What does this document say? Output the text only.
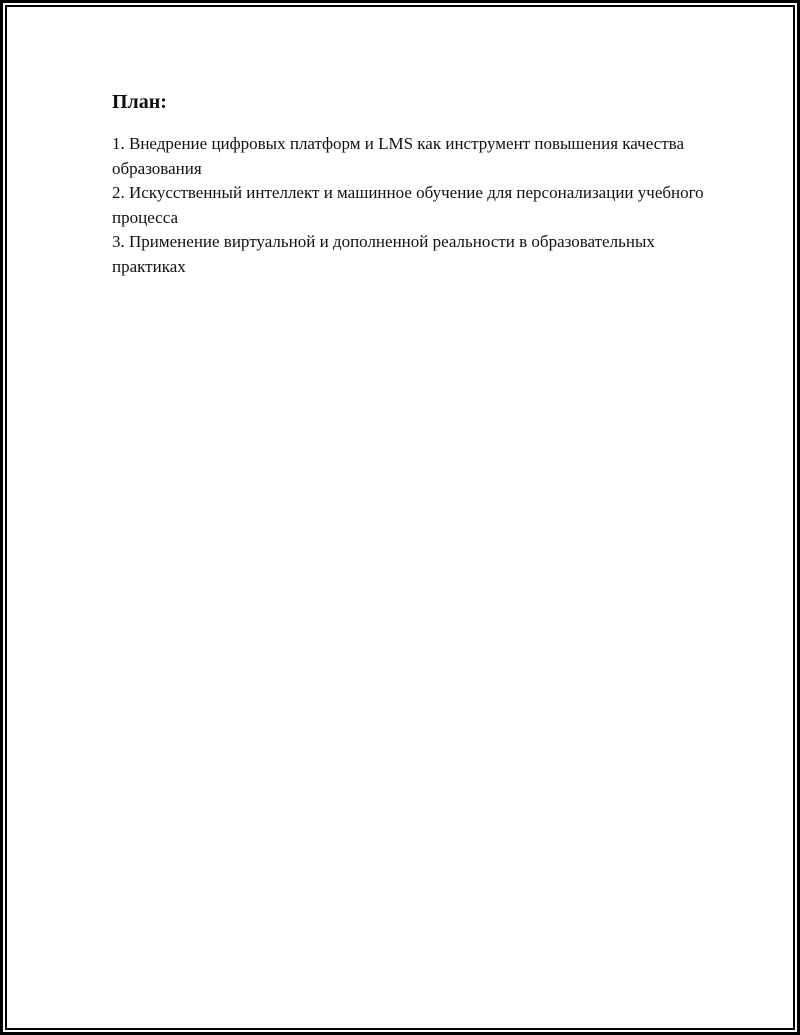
План:
1. Внедрение цифровых платформ и LMS как инструмент повышения качества образования
2. Искусственный интеллект и машинное обучение для персонализации учебного процесса
3. Применение виртуальной и дополненной реальности в образовательных практиках
